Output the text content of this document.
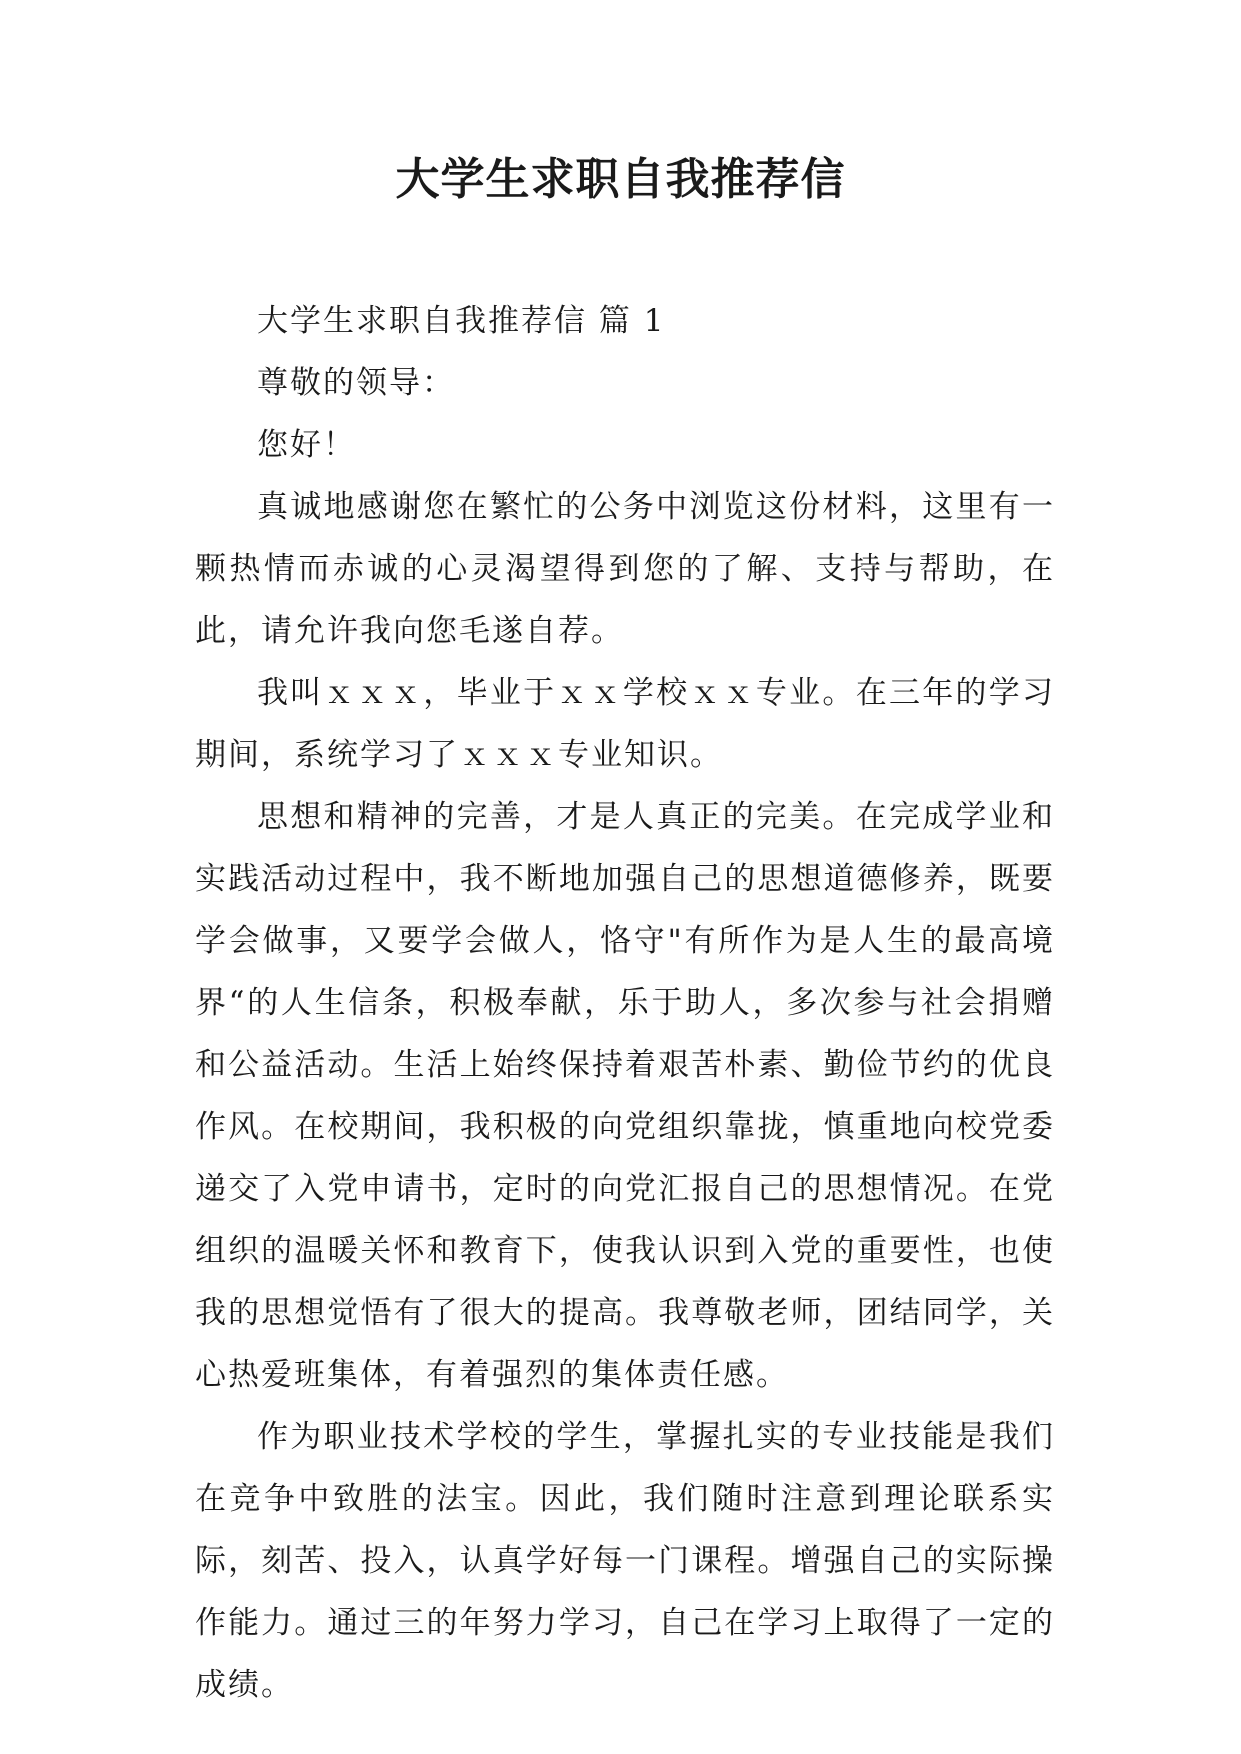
大学生求职自我推荐信

大学生求职自我推荐信 篇 1

尊敬的领导：

您好！

真诚地感谢您在繁忙的公务中浏览这份材料，这里有一颗热情而赤诚的心灵渴望得到您的了解、支持与帮助，在此，请允许我向您毛遂自荐。

我叫ｘｘｘ，毕业于ｘｘ学校ｘｘ专业。在三年的学习期间，系统学习了ｘｘｘ专业知识。

思想和精神的完善，才是人真正的完美。在完成学业和实践活动过程中，我不断地加强自己的思想道德修养，既要学会做事，又要学会做人，恪守"有所作为是人生的最高境界“的人生信条，积极奉献，乐于助人，多次参与社会捐赠和公益活动。生活上始终保持着艰苦朴素、勤俭节约的优良作风。在校期间，我积极的向党组织靠拢，慎重地向校党委递交了入党申请书，定时的向党汇报自己的思想情况。在党组织的温暖关怀和教育下，使我认识到入党的重要性，也使我的思想觉悟有了很大的提高。我尊敬老师，团结同学，关心热爱班集体，有着强烈的集体责任感。

作为职业技术学校的学生，掌握扎实的专业技能是我们在竞争中致胜的法宝。因此，我们随时注意到理论联系实际，刻苦、投入，认真学好每一门课程。增强自己的实际操作能力。通过三的年努力学习，自己在学习上取得了一定的成绩。
